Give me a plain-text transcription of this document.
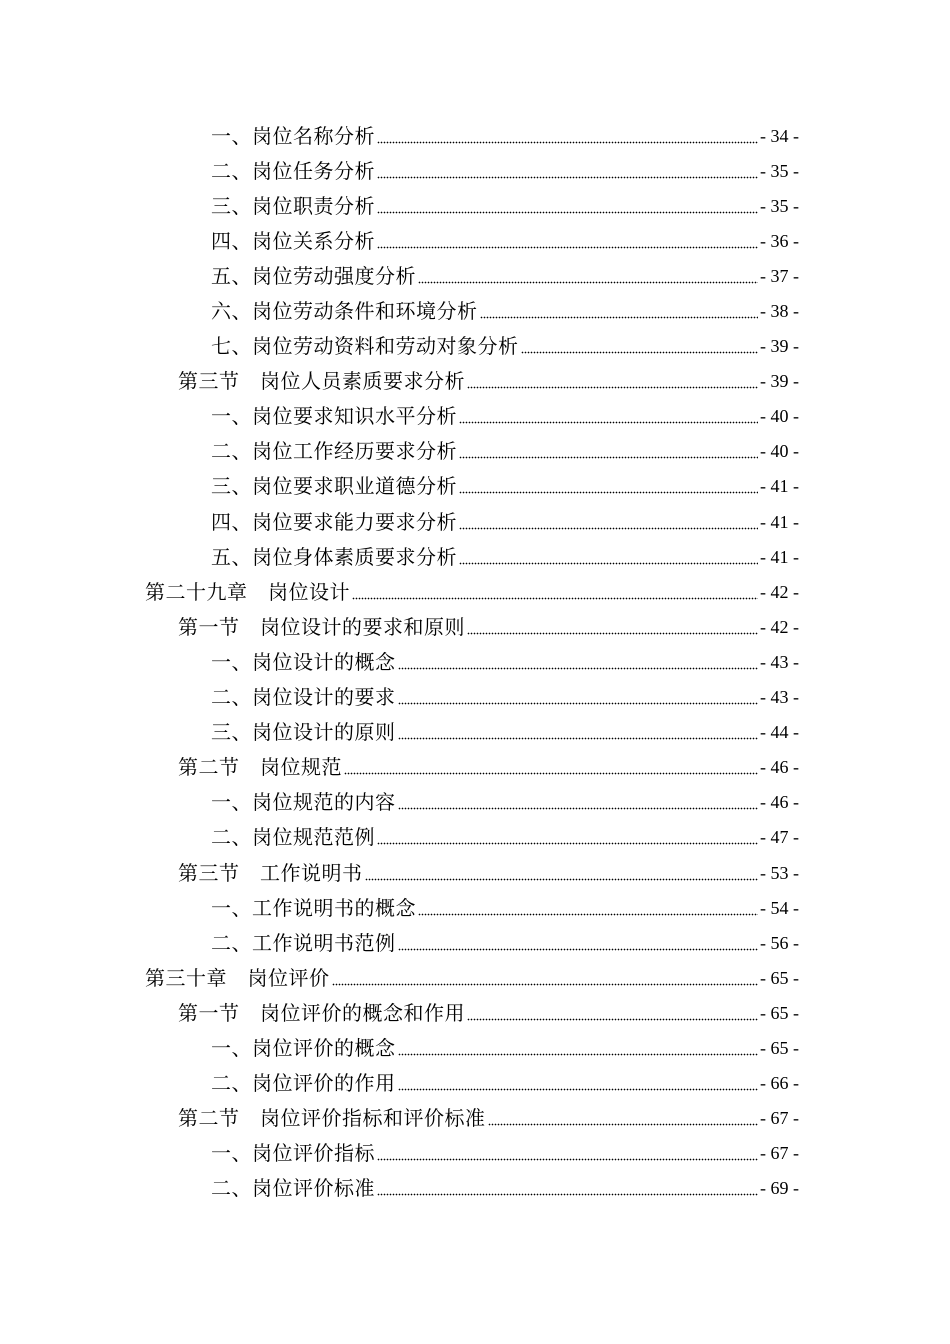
一、岗位名称分析	- 34 -
二、岗位任务分析	- 35 -
三、岗位职责分析	- 35 -
四、岗位关系分析	- 36 -
五、岗位劳动强度分析	- 37 -
六、岗位劳动条件和环境分析	- 38 -
七、岗位劳动资料和劳动对象分析	- 39 -
第三节　岗位人员素质要求分析	- 39 -
一、岗位要求知识水平分析	- 40 -
二、岗位工作经历要求分析	- 40 -
三、岗位要求职业道德分析	- 41 -
四、岗位要求能力要求分析	- 41 -
五、岗位身体素质要求分析	- 41 -
第二十九章　岗位设计	- 42 -
第一节　岗位设计的要求和原则	- 42 -
一、岗位设计的概念	- 43 -
二、岗位设计的要求	- 43 -
三、岗位设计的原则	- 44 -
第二节　岗位规范	- 46 -
一、岗位规范的内容	- 46 -
二、岗位规范范例	- 47 -
第三节　工作说明书	- 53 -
一、工作说明书的概念	- 54 -
二、工作说明书范例	- 56 -
第三十章　岗位评价	- 65 -
第一节　岗位评价的概念和作用	- 65 -
一、岗位评价的概念	- 65 -
二、岗位评价的作用	- 66 -
第二节　岗位评价指标和评价标准	- 67 -
一、岗位评价指标	- 67 -
二、岗位评价标准	- 69 -
